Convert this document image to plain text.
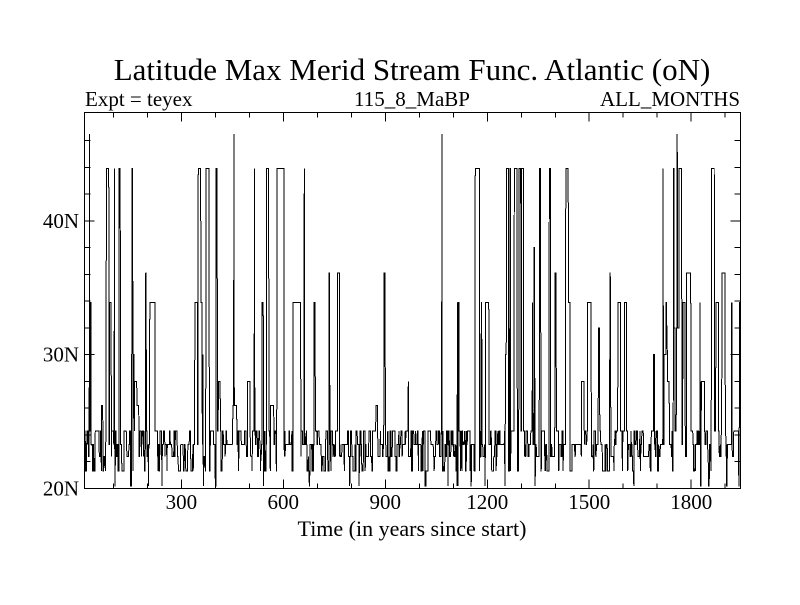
Latitude Max Merid Stream Func. Atlantic (oN)
Expt = teyex	115_8_MaBP	ALL_MONTHS
300	600	900	1200	1500	1800
20N
30N
40N
Time (in years since start)
